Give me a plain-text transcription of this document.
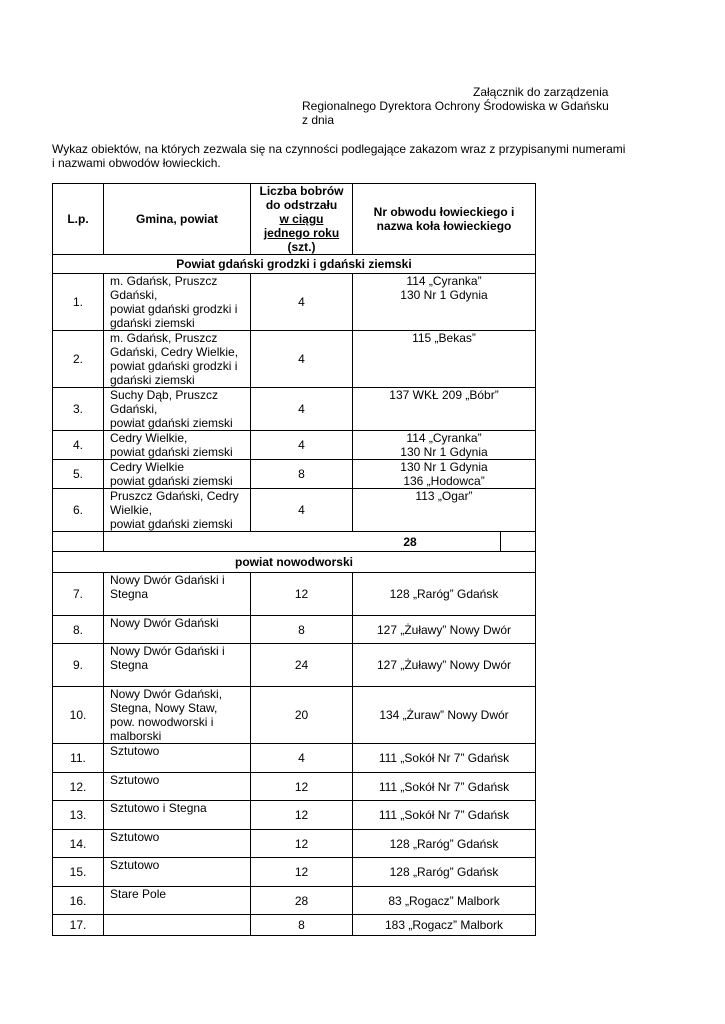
Załącznik do zarządzenia
Regionalnego Dyrektora Ochrony Środowiska w Gdańsku
z dnia
Wykaz obiektów, na których zezwala się na czynności podlegające zakazom wraz z przypisanymi numerami
i nazwami obwodów łowieckich.
L.p.	Gmina, powiat	Liczba bobrów
do odstrzału
w ciągu
jednego roku
(szt.)	Nr obwodu łowieckiego i
nazwa koła łowieckiego	
Powiat gdański grodzki i gdański ziemski				
1.	m. Gdańsk, Pruszcz
Gdański,
powiat gdański grodzki i
gdański ziemski	4	114 „Cyranka”
130 Nr 1 Gdynia	
2.	m. Gdańsk, Pruszcz
Gdański, Cedry Wielkie,
powiat gdański grodzki i
gdański ziemski	4	115 „Bekas”	
3.	Suchy Dąb, Pruszcz
Gdański,
powiat gdański ziemski	4	137 WKŁ 209 „Bóbr”	
4.	Cedry Wielkie,
powiat gdański ziemski	4	114 „Cyranka”
130 Nr 1 Gdynia	
5.	Cedry Wielkie
powiat gdański ziemski	8	130 Nr 1 Gdynia
136 „Hodowca”	
6.	Pruszcz Gdański, Cedry
Wielkie,
powiat gdański ziemski	4	113 „Ogar”	
	28			
powiat nowodworski				
7.	Nowy Dwór Gdański i
Stegna	12	128 „Raróg” Gdańsk	
8.	Nowy Dwór Gdański	8	127 „Żuławy” Nowy Dwór	
9.	Nowy Dwór Gdański i
Stegna	24	127 „Żuławy” Nowy Dwór	
10.	Nowy Dwór Gdański,
Stegna, Nowy Staw,
pow. nowodworski i
malborski	20	134 „Żuraw” Nowy Dwór	
11.	Sztutowo	4	111 „Sokół Nr 7” Gdańsk	
12.	Sztutowo	12	111 „Sokół Nr 7” Gdańsk	
13.	Sztutowo i Stegna	12	111 „Sokół Nr 7” Gdańsk	
14.	Sztutowo	12	128 „Raróg” Gdańsk	
15.	Sztutowo	12	128 „Raróg” Gdańsk	
16.	Stare Pole	28	83 „Rogacz” Malbork	
17.		8	183 „Rogacz” Malbork	
